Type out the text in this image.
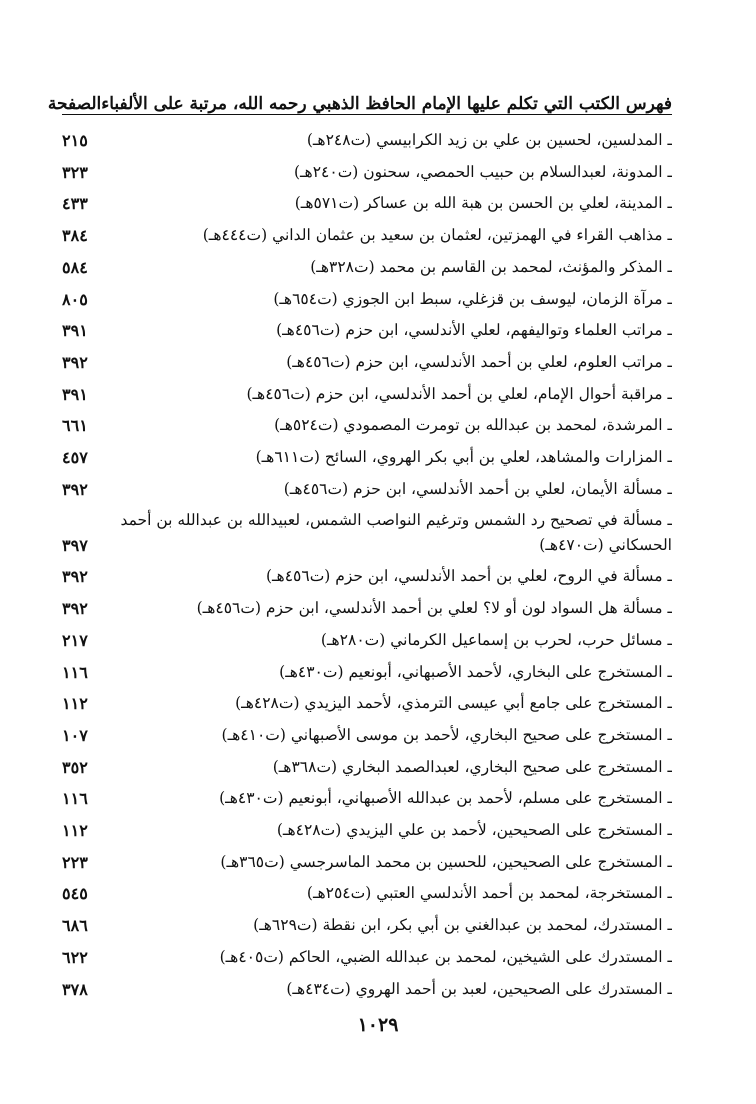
فهرس الكتب التي تكلم عليها الإمام الحافظ الذهبي رحمه الله، مرتبة على الألفباء
الصفحة
ـ المدلسين، لحسين بن علي بن زيد الكرابيسي (ت٢٤٨هـ)
٢١٥
ـ المدونة، لعبدالسلام بن حبيب الحمصي، سحنون (ت٢٤٠هـ)
٣٢٣
ـ المدينة، لعلي بن الحسن بن هبة الله بن عساكر (ت٥٧١هـ)
٤٣٣
ـ مذاهب القراء في الهمزتين، لعثمان بن سعيد بن عثمان الداني (ت٤٤٤هـ)
٣٨٤
ـ المذكر والمؤنث، لمحمد بن القاسم بن محمد (ت٣٢٨هـ)
٥٨٤
ـ مرآة الزمان، ليوسف بن قزغلي، سبط ابن الجوزي (ت٦٥٤هـ)
٨٠٥
ـ مراتب العلماء وتواليفهم، لعلي الأندلسي، ابن حزم (ت٤٥٦هـ)
٣٩١
ـ مراتب العلوم، لعلي بن أحمد الأندلسي، ابن حزم (ت٤٥٦هـ)
٣٩٢
ـ مراقبة أحوال الإمام، لعلي بن أحمد الأندلسي، ابن حزم (ت٤٥٦هـ)
٣٩١
ـ المرشدة، لمحمد بن عبدالله بن تومرت المصمودي (ت٥٢٤هـ)
٦٦١
ـ المزارات والمشاهد، لعلي بن أبي بكر الهروي، السائح (ت٦١١هـ)
٤٥٧
ـ مسألة الأيمان، لعلي بن أحمد الأندلسي، ابن حزم (ت٤٥٦هـ)
٣٩٢
ـ مسألة في تصحيح رد الشمس وترغيم النواصب الشمس، لعبيدالله بن عبدالله بن أحمد الحسكاني (ت٤٧٠هـ)
٣٩٧
ـ مسألة في الروح، لعلي بن أحمد الأندلسي، ابن حزم (ت٤٥٦هـ)
٣٩٢
ـ مسألة هل السواد لون أو لا؟ لعلي بن أحمد الأندلسي، ابن حزم (ت٤٥٦هـ)
٣٩٢
ـ مسائل حرب، لحرب بن إسماعيل الكرماني (ت٢٨٠هـ)
٢١٧
ـ المستخرج على البخاري، لأحمد الأصبهاني، أبونعيم (ت٤٣٠هـ)
١١٦
ـ المستخرج على جامع أبي عيسى الترمذي، لأحمد اليزيدي (ت٤٢٨هـ)
١١٢
ـ المستخرج على صحيح البخاري، لأحمد بن موسى الأصبهاني (ت٤١٠هـ)
١٠٧
ـ المستخرج على صحيح البخاري، لعبدالصمد البخاري (ت٣٦٨هـ)
٣٥٢
ـ المستخرج على مسلم، لأحمد بن عبدالله الأصبهاني، أبونعيم (ت٤٣٠هـ)
١١٦
ـ المستخرج على الصحيحين، لأحمد بن علي اليزيدي (ت٤٢٨هـ)
١١٢
ـ المستخرج على الصحيحين، للحسين بن محمد الماسرجسي (ت٣٦٥هـ)
٢٢٣
ـ المستخرجة، لمحمد بن أحمد الأندلسي العتبي (ت٢٥٤هـ)
٥٤٥
ـ المستدرك، لمحمد بن عبدالغني بن أبي بكر، ابن نقطة (ت٦٢٩هـ)
٦٨٦
ـ المستدرك على الشيخين، لمحمد بن عبدالله الضبي، الحاكم (ت٤٠٥هـ)
٦٢٢
ـ المستدرك على الصحيحين، لعبد بن أحمد الهروي (ت٤٣٤هـ)
٣٧٨
١٠٢٩
